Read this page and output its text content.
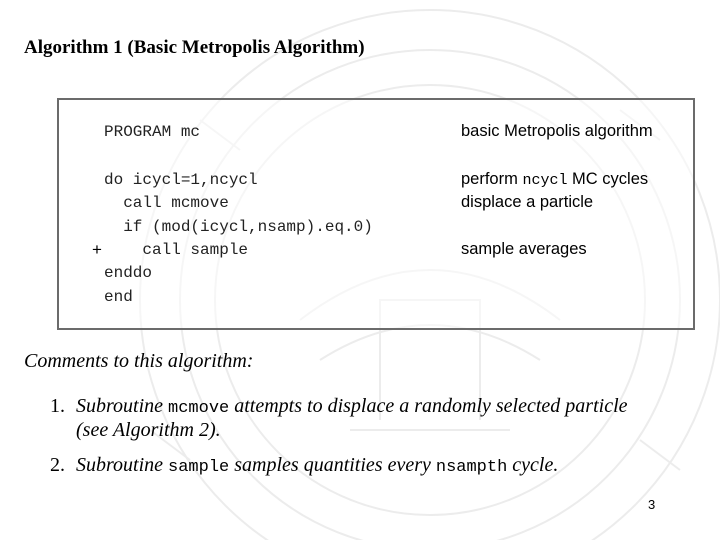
Algorithm 1 (Basic Metropolis Algorithm)
PROGRAM mc
do icycl=1,ncycl
call mcmove
if (mod(icycl,nsamp).eq.0)
+ call sample
enddo
end
basic Metropolis algorithm
perform ncycl MC cycles
displace a particle
sample averages
Comments to this algorithm:
1. Subroutine mcmove attempts to displace a randomly selected particle
(see Algorithm 2).
2. Subroutine sample samples quantities every nsampth cycle.
3
